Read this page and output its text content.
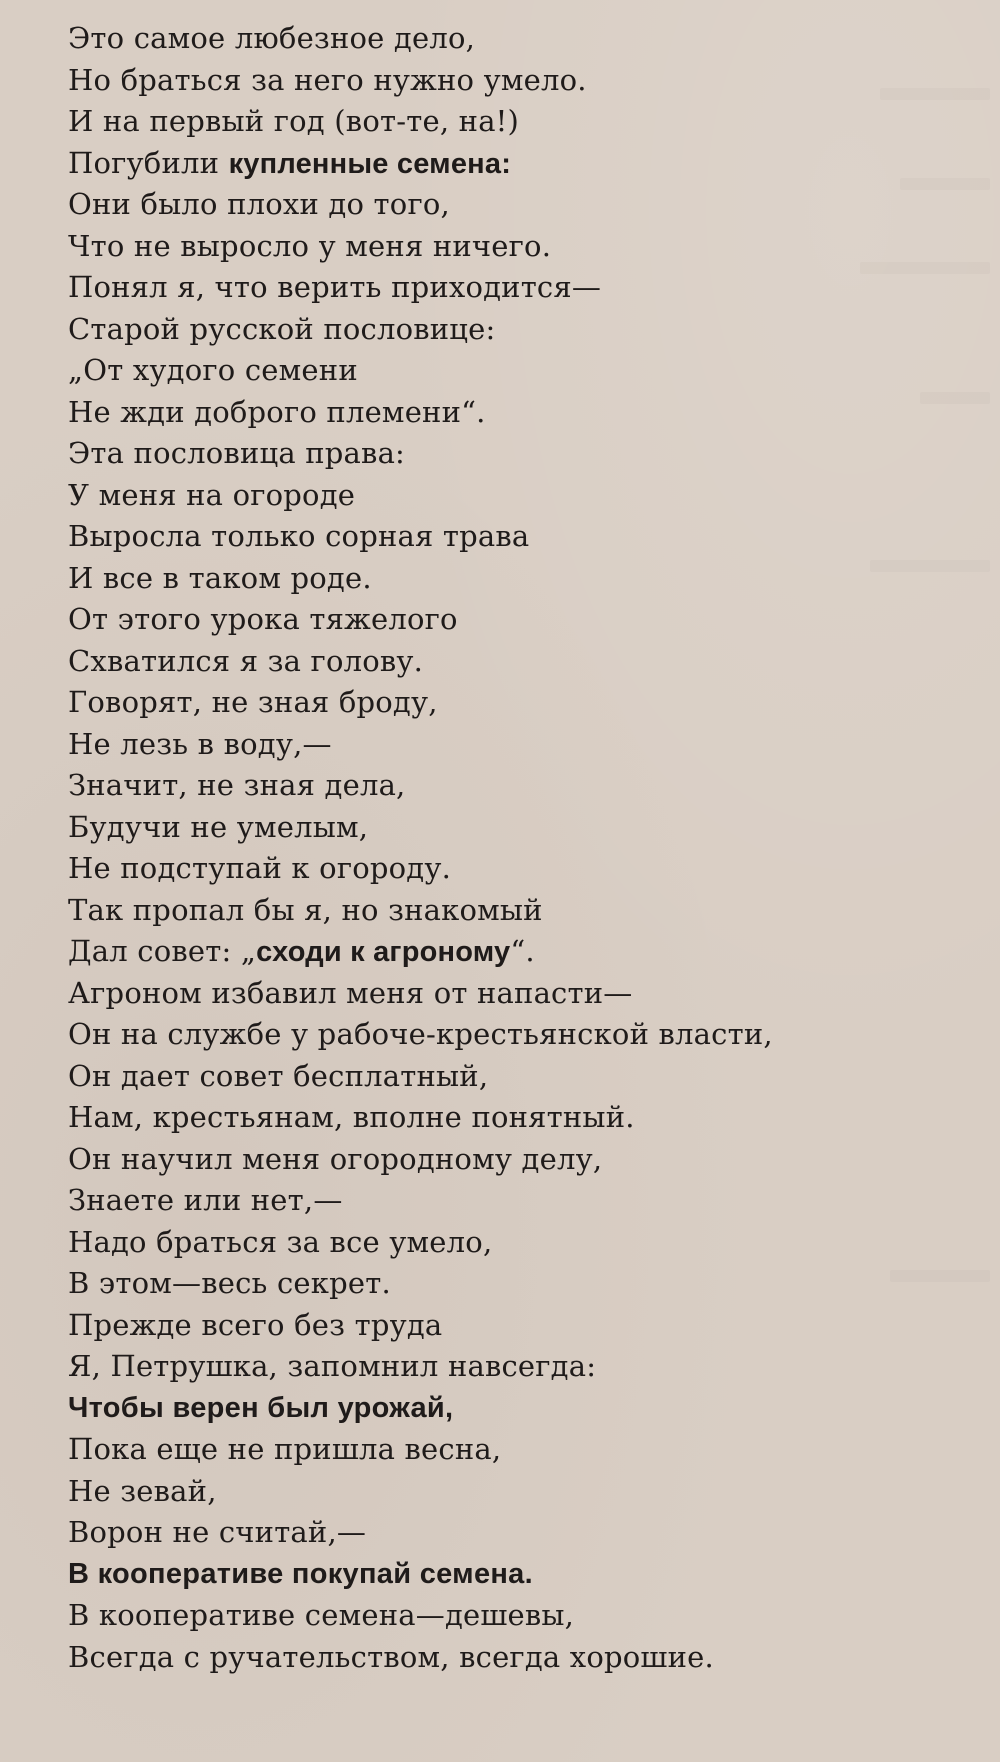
Это самое любезное дело,
Но браться за него нужно умело.
И на первый год (вот-те, на!)
Погубили купленные семена:
Они было плохи до того,
Что не выросло у меня ничего.
Понял я, что верить приходится—
Старой русской пословице:
„От худого семени
Не жди доброго племени“.
Эта пословица права:
У меня на огороде
Выросла только сорная трава
И все в таком роде.
От этого урока тяжелого
Схватился я за голову.
Говорят, не зная броду,
Не лезь в воду,—
Значит, не зная дела,
Будучи не умелым,
Не подступай к огороду.
Так пропал бы я, но знакомый
Дал совет: „сходи к агроному“.
Агроном избавил меня от напасти—
Он на службе у рабоче-крестьянской власти,
Он дает совет бесплатный,
Нам, крестьянам, вполне понятный.
Он научил меня огородному делу,
Знаете или нет,—
Надо браться за все умело,
В этом—весь секрет.
Прежде всего без труда
Я, Петрушка, запомнил навсегда:
Чтобы верен был урожай,
Пока еще не пришла весна,
Не зевай,
Ворон не считай,—
В кооперативе покупай семена.
В кооперативе семена—дешевы,
Всегда с ручательством, всегда хорошие.
